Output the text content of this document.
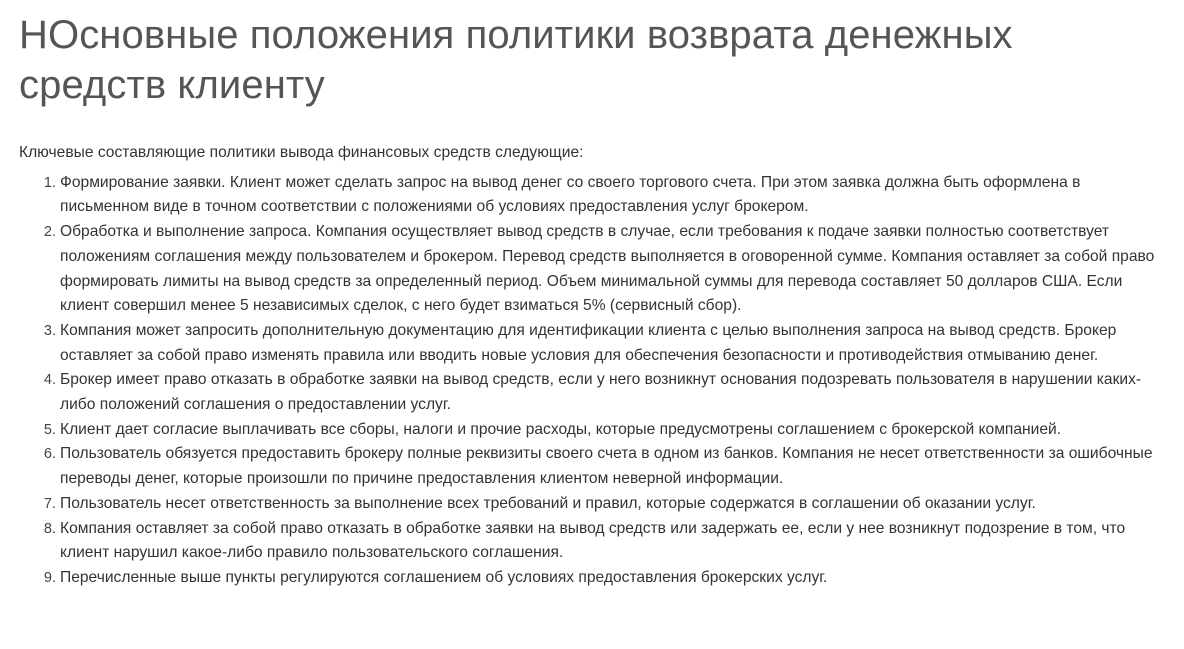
НОсновные положения политики возврата денежных средств клиенту

Ключевые составляющие политики вывода финансовых средств следующие:

1. Формирование заявки. Клиент может сделать запрос на вывод денег со своего торгового счета. При этом заявка должна быть оформлена в письменном виде в точном соответствии с положениями об условиях предоставления услуг брокером.
2. Обработка и выполнение запроса. Компания осуществляет вывод средств в случае, если требования к подаче заявки полностью соответствует положениям соглашения между пользователем и брокером. Перевод средств выполняется в оговоренной сумме. Компания оставляет за собой право формировать лимиты на вывод средств за определенный период. Объем минимальной суммы для перевода составляет 50 долларов США. Если клиент совершил менее 5 независимых сделок, с него будет взиматься 5% (сервисный сбор).
3. Компания может запросить дополнительную документацию для идентификации клиента с целью выполнения запроса на вывод средств. Брокер оставляет за собой право изменять правила или вводить новые условия для обеспечения безопасности и противодействия отмыванию денег.
4. Брокер имеет право отказать в обработке заявки на вывод средств, если у него возникнут основания подозревать пользователя в нарушении каких-либо положений соглашения о предоставлении услуг.
5. Клиент дает согласие выплачивать все сборы, налоги и прочие расходы, которые предусмотрены соглашением с брокерской компанией.
6. Пользователь обязуется предоставить брокеру полные реквизиты своего счета в одном из банков. Компания не несет ответственности за ошибочные переводы денег, которые произошли по причине предоставления клиентом неверной информации.
7. Пользователь несет ответственность за выполнение всех требований и правил, которые содержатся в соглашении об оказании услуг.
8. Компания оставляет за собой право отказать в обработке заявки на вывод средств или задержать ее, если у нее возникнут подозрение в том, что клиент нарушил какое-либо правило пользовательского соглашения.
9. Перечисленные выше пункты регулируются соглашением об условиях предоставления брокерских услуг.
